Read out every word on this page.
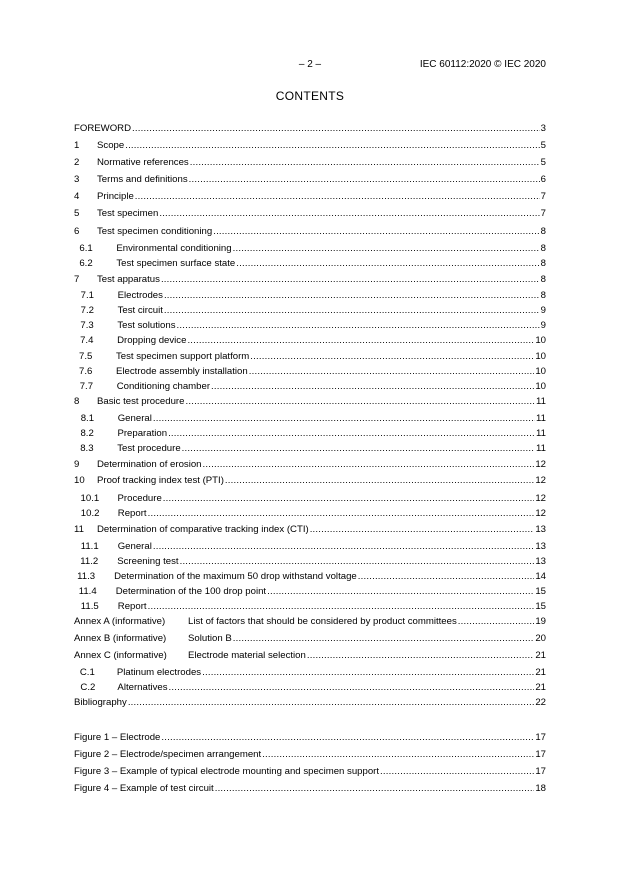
– 2 –	IEC 60112:2020 © IEC 2020
CONTENTS
FOREWORD .....	3
1	Scope .....	5
2	Normative references .....	5
3	Terms and definitions .....	6
4	Principle .....	7
5	Test specimen .....	7
6	Test specimen conditioning .....	8
6.1	Environmental conditioning .....	8
6.2	Test specimen surface state .....	8
7	Test apparatus .....	8
7.1	Electrodes .....	8
7.2	Test circuit .....	9
7.3	Test solutions .....	9
7.4	Dropping device .....	10
7.5	Test specimen support platform .....	10
7.6	Electrode assembly installation .....	10
7.7	Conditioning chamber .....	10
8	Basic test procedure .....	11
8.1	General .....	11
8.2	Preparation .....	11
8.3	Test procedure .....	11
9	Determination of erosion .....	12
10	Proof tracking index test (PTI) .....	12
10.1	Procedure .....	12
10.2	Report .....	12
11	Determination of comparative tracking index (CTI) .....	13
11.1	General .....	13
11.2	Screening test .....	13
11.3	Determination of the maximum 50 drop withstand voltage .....	14
11.4	Determination of the 100 drop point .....	15
11.5	Report .....	15
Annex A (informative)	List of factors that should be considered by product committees .....	19
Annex B (informative)	Solution B .....	20
Annex C (informative)	Electrode material selection .....	21
C.1	Platinum electrodes .....	21
C.2	Alternatives .....	21
Bibliography .....	22
Figure 1 – Electrode .....	17
Figure 2 – Electrode/specimen arrangement .....	17
Figure 3 – Example of typical electrode mounting and specimen support .....	17
Figure 4 – Example of test circuit .....	18
